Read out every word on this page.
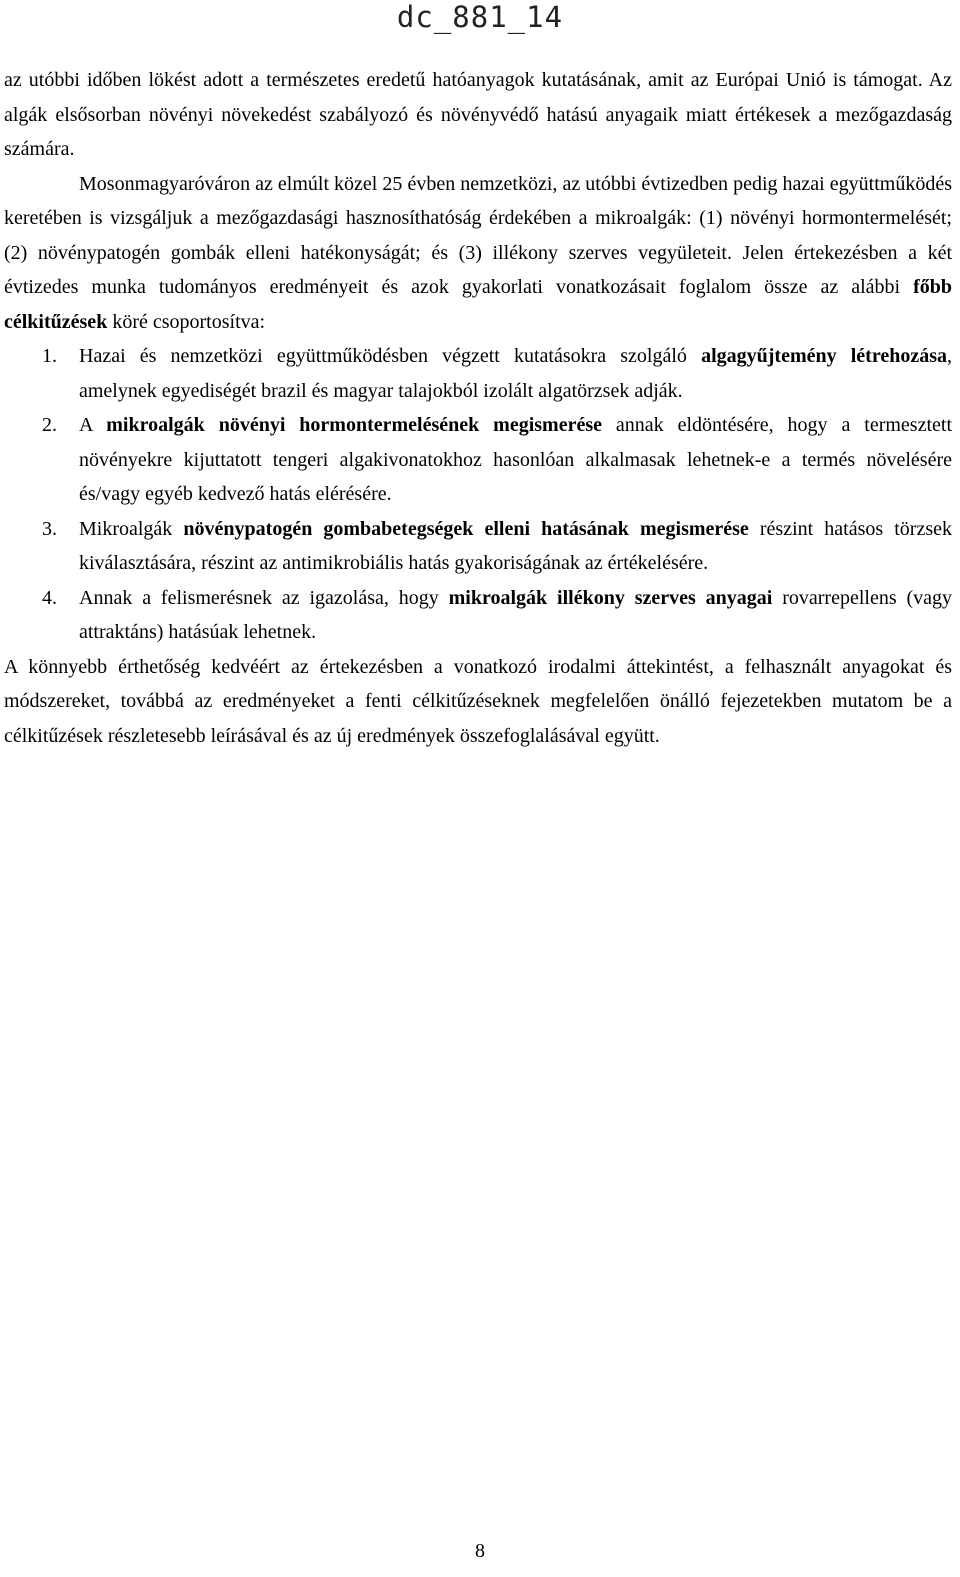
dc_881_14

az utóbbi időben lökést adott a természetes eredetű hatóanyagok kutatásának, amit az Európai Unió is támogat. Az algák elsősorban növényi növekedést szabályozó és növényvédő hatású anyagaik miatt értékesek a mezőgazdaság számára.

Mosonmagyaróváron az elmúlt közel 25 évben nemzetközi, az utóbbi évtizedben pedig hazai együttműködés keretében is vizsgáljuk a mezőgazdasági hasznosíthatóság érdekében a mikroalgák: (1) növényi hormontermelését; (2) növénypatogén gombák elleni hatékonyságát; és (3) illékony szerves vegyületeit. Jelen értekezésben a két évtizedes munka tudományos eredményeit és azok gyakorlati vonatkozásait foglalom össze az alábbi főbb célkitűzések köré csoportosítva:

1. Hazai és nemzetközi együttműködésben végzett kutatásokra szolgáló algagyűjtemény létrehozása, amelynek egyediségét brazil és magyar talajokból izolált algatörzsek adják.
2. A mikroalgák növényi hormontermelésének megismerése annak eldöntésére, hogy a termesztett növényekre kijuttatott tengeri algakivonatokhoz hasonlóan alkalmasak lehetnek-e a termés növelésére és/vagy egyéb kedvező hatás elérésére.
3. Mikroalgák növénypatogén gombabetegségek elleni hatásának megismerése részint hatásos törzsek kiválasztására, részint az antimikrobiális hatás gyakoriságának az értékelésére.
4. Annak a felismerésnek az igazolása, hogy mikroalgák illékony szerves anyagai rovarrepellens (vagy attraktáns) hatásúak lehetnek.

A könnyebb érthetőség kedvéért az értekezésben a vonatkozó irodalmi áttekintést, a felhasznált anyagokat és módszereket, továbbá az eredményeket a fenti célkitűzéseknek megfelelően önálló fejezetekben mutatom be a célkitűzések részletesebb leírásával és az új eredmények összefoglalásával együtt.

8
